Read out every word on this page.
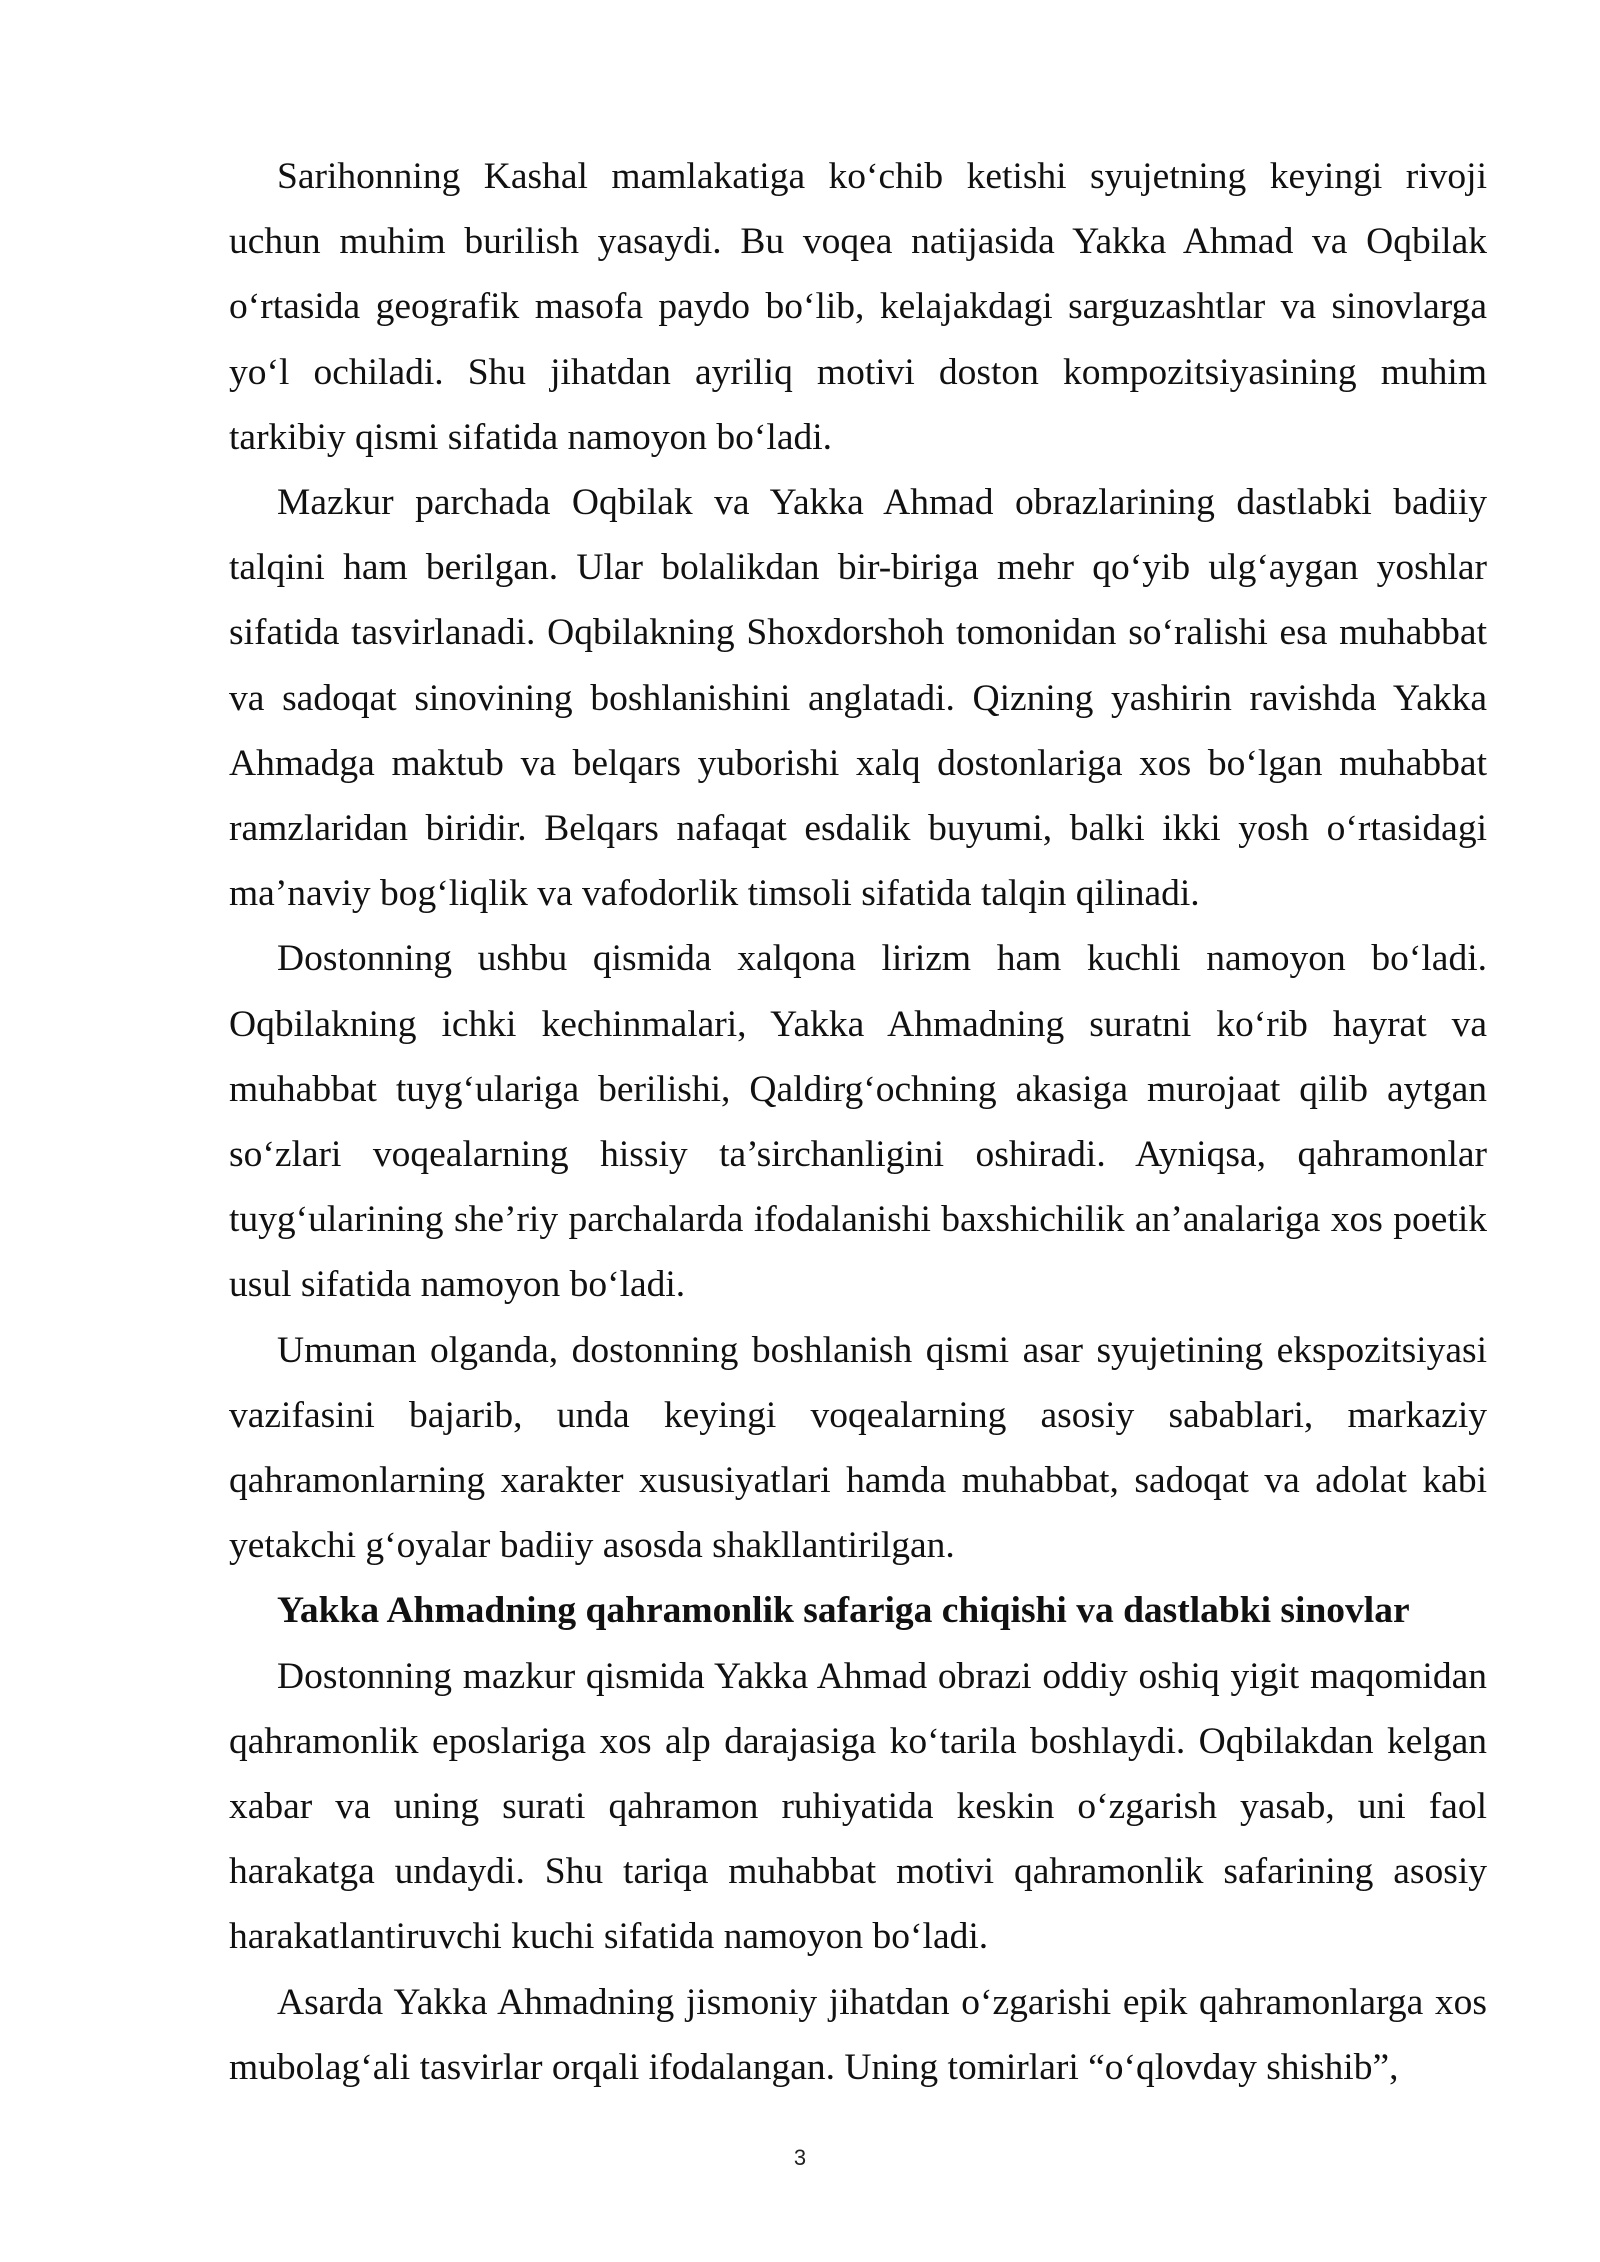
Sarihonning Kashal mamlakatiga ko‘chib ketishi syujetning keyingi rivoji uchun muhim burilish yasaydi. Bu voqea natijasida Yakka Ahmad va Oqbilak o‘rtasida geografik masofa paydo bo‘lib, kelajakdagi sarguzashtlar va sinovlarga yo‘l ochiladi. Shu jihatdan ayriliq motivi doston kompozitsiyasining muhim tarkibiy qismi sifatida namoyon bo‘ladi.

Mazkur parchada Oqbilak va Yakka Ahmad obrazlarining dastlabki badiiy talqini ham berilgan. Ular bolalikdan bir-biriga mehr qo‘yib ulg‘aygan yoshlar sifatida tasvirlanadi. Oqbilakning Shoxdorshoh tomonidan so‘ralishi esa muhabbat va sadoqat sinovining boshlanishini anglatadi. Qizning yashirin ravishda Yakka Ahmadga maktub va belqars yuborishi xalq dostonlariga xos bo‘lgan muhabbat ramzlaridan biridir. Belqars nafaqat esdalik buyumi, balki ikki yosh o‘rtasidagi ma’naviy bog‘liqlik va vafodorlik timsoli sifatida talqin qilinadi.

Dostonning ushbu qismida xalqona lirizm ham kuchli namoyon bo‘ladi. Oqbilakning ichki kechinmalari, Yakka Ahmadning suratni ko‘rib hayrat va muhabbat tuyg‘ulariga berilishi, Qaldirg‘ochning akasiga murojaat qilib aytgan so‘zlari voqealarning hissiy ta’sirchanligini oshiradi. Ayniqsa, qahramonlar tuyg‘ularining she’riy parchalarda ifodalanishi baxshichilik an’analariga xos poetik usul sifatida namoyon bo‘ladi.

Umuman olganda, dostonning boshlanish qismi asar syujetining ekspozitsiyasi vazifasini bajarib, unda keyingi voqealarning asosiy sabablari, markaziy qahramonlarning xarakter xususiyatlari hamda muhabbat, sadoqat va adolat kabi yetakchi g‘oyalar badiiy asosda shakllantirilgan.

Yakka Ahmadning qahramonlik safariga chiqishi va dastlabki sinovlar

Dostonning mazkur qismida Yakka Ahmad obrazi oddiy oshiq yigit maqomidan qahramonlik eposlariga xos alp darajasiga ko‘tarila boshlaydi. Oqbilakdan kelgan xabar va uning surati qahramon ruhiyatida keskin o‘zgarish yasab, uni faol harakatga undaydi. Shu tariqa muhabbat motivi qahramonlik safarining asosiy harakatlantiruvchi kuchi sifatida namoyon bo‘ladi.

Asarda Yakka Ahmadning jismoniy jihatdan o‘zgarishi epik qahramonlarga xos mubolag‘ali tasvirlar orqali ifodalangan. Uning tomirlari “o‘qlovday shishib”,

3
